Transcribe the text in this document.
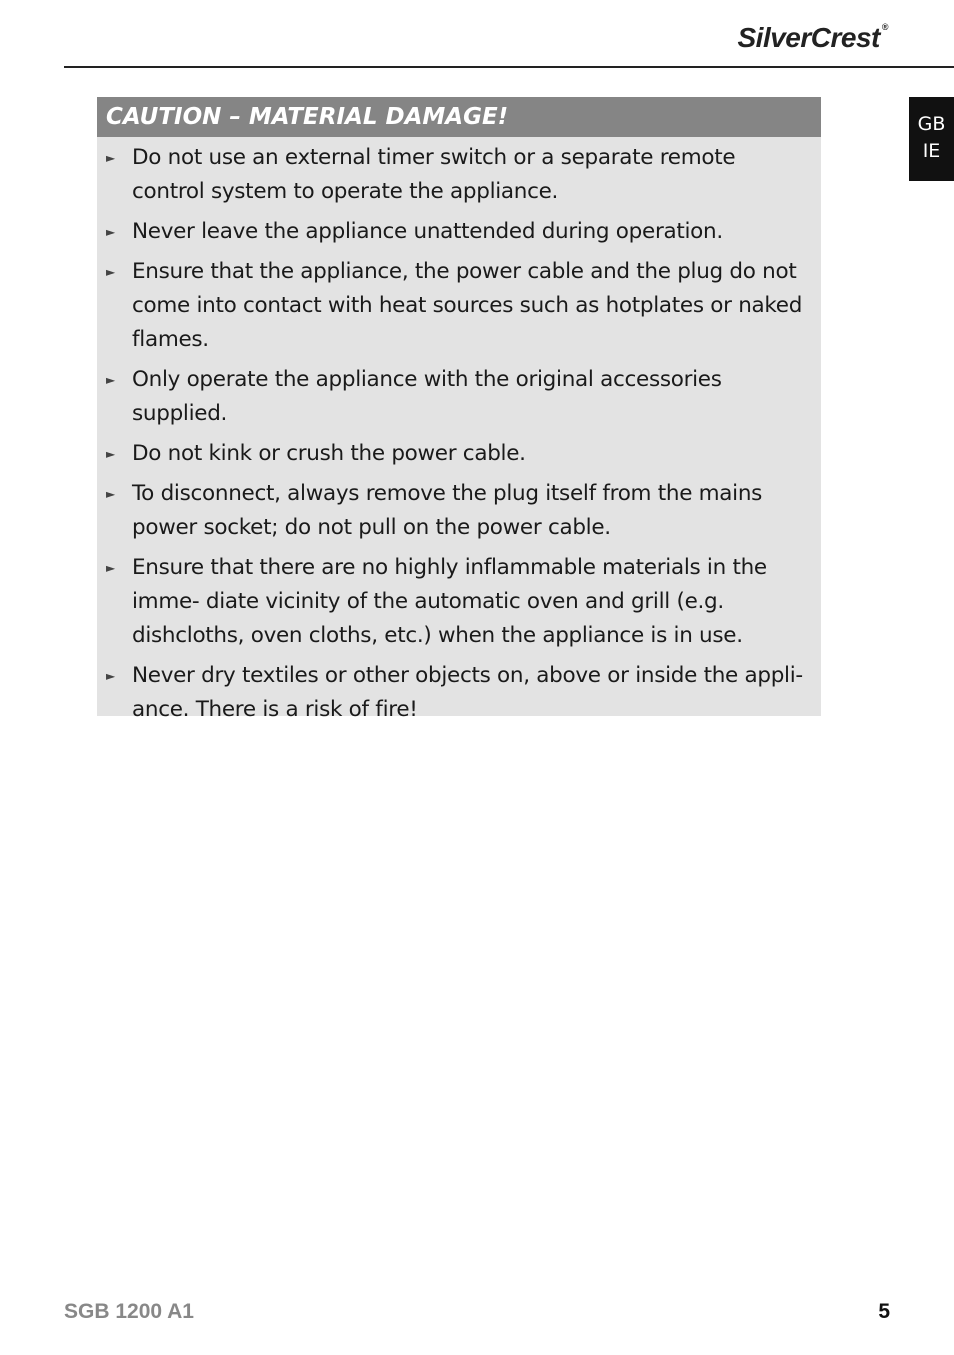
SilverCrest ®
GB
IE
CAUTION – MATERIAL DAMAGE!
► Do not use an external timer switch or a separate remote control system to operate the appliance.
► Never leave the appliance unattended during operation.
► Ensure that the appliance, the power cable and the plug do not come into contact with heat sources such as hotplates or naked flames.
► Only operate the appliance with the original accessories supplied.
► Do not kink or crush the power cable.
► To disconnect, always remove the plug itself from the mains power socket; do not pull on the power cable.
► Ensure that there are no highly inflammable materials in the imme- diate vicinity of the automatic oven and grill (e.g. dishcloths, oven cloths, etc.) when the appliance is in use.
► Never dry textiles or other objects on, above or inside the appli- ance. There is a risk of fire!
SGB 1200 A1	5
